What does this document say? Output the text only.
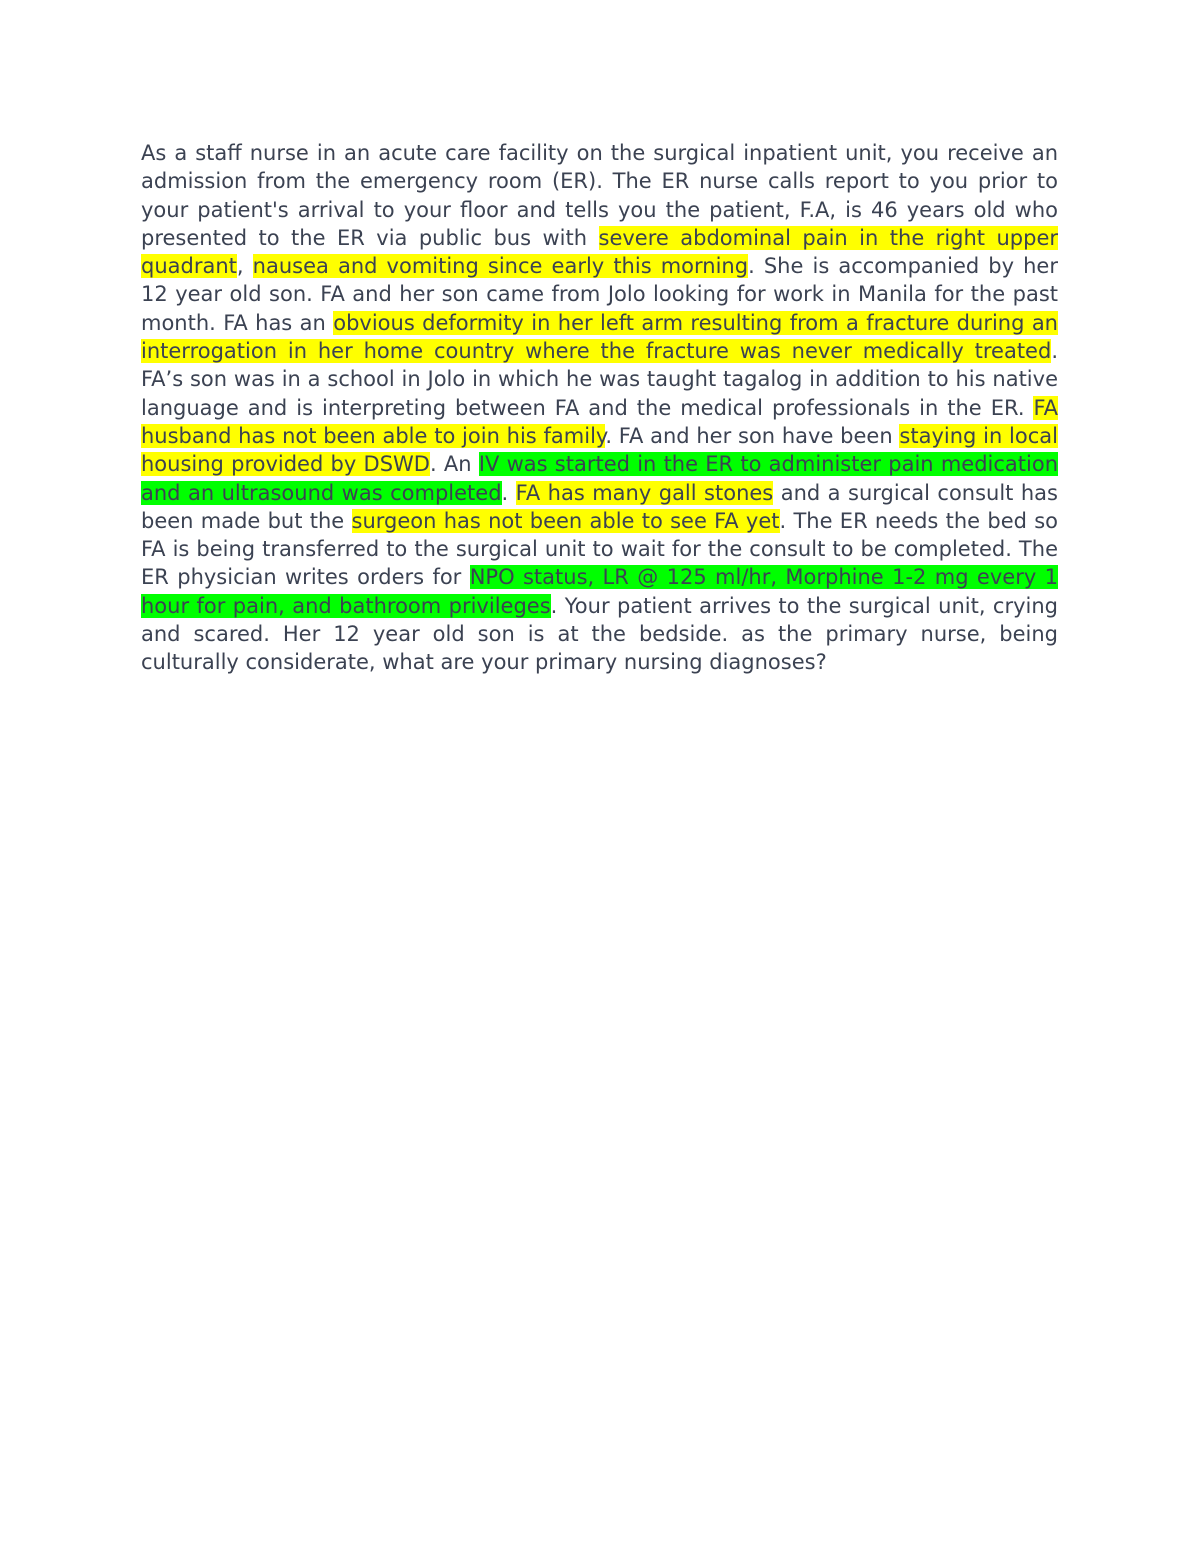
As a staff nurse in an acute care facility on the surgical inpatient unit, you receive an admission from the emergency room (ER). The ER nurse calls report to you prior to your patient's arrival to your floor and tells you the patient, F.A, is 46 years old who presented to the ER via public bus with severe abdominal pain in the right upper quadrant, nausea and vomiting since early this morning. She is accompanied by her 12 year old son. FA and her son came from Jolo looking for work in Manila for the past month. FA has an obvious deformity in her left arm resulting from a fracture during an interrogation in her home country where the fracture was never medically treated. FA’s son was in a school in Jolo in which he was taught tagalog in addition to his native language and is interpreting between FA and the medical professionals in the ER. FA husband has not been able to join his family. FA and her son have been staying in local housing provided by DSWD. An IV was started in the ER to administer pain medication and an ultrasound was completed. FA has many gall stones and a surgical consult has been made but the surgeon has not been able to see FA yet. The ER needs the bed so FA is being transferred to the surgical unit to wait for the consult to be completed. The ER physician writes orders for NPO status, LR @ 125 ml/hr, Morphine 1-2 mg every 1 hour for pain, and bathroom privileges. Your patient arrives to the surgical unit, crying and scared. Her 12 year old son is at the bedside. as the primary nurse, being culturally considerate, what are your primary nursing diagnoses?
